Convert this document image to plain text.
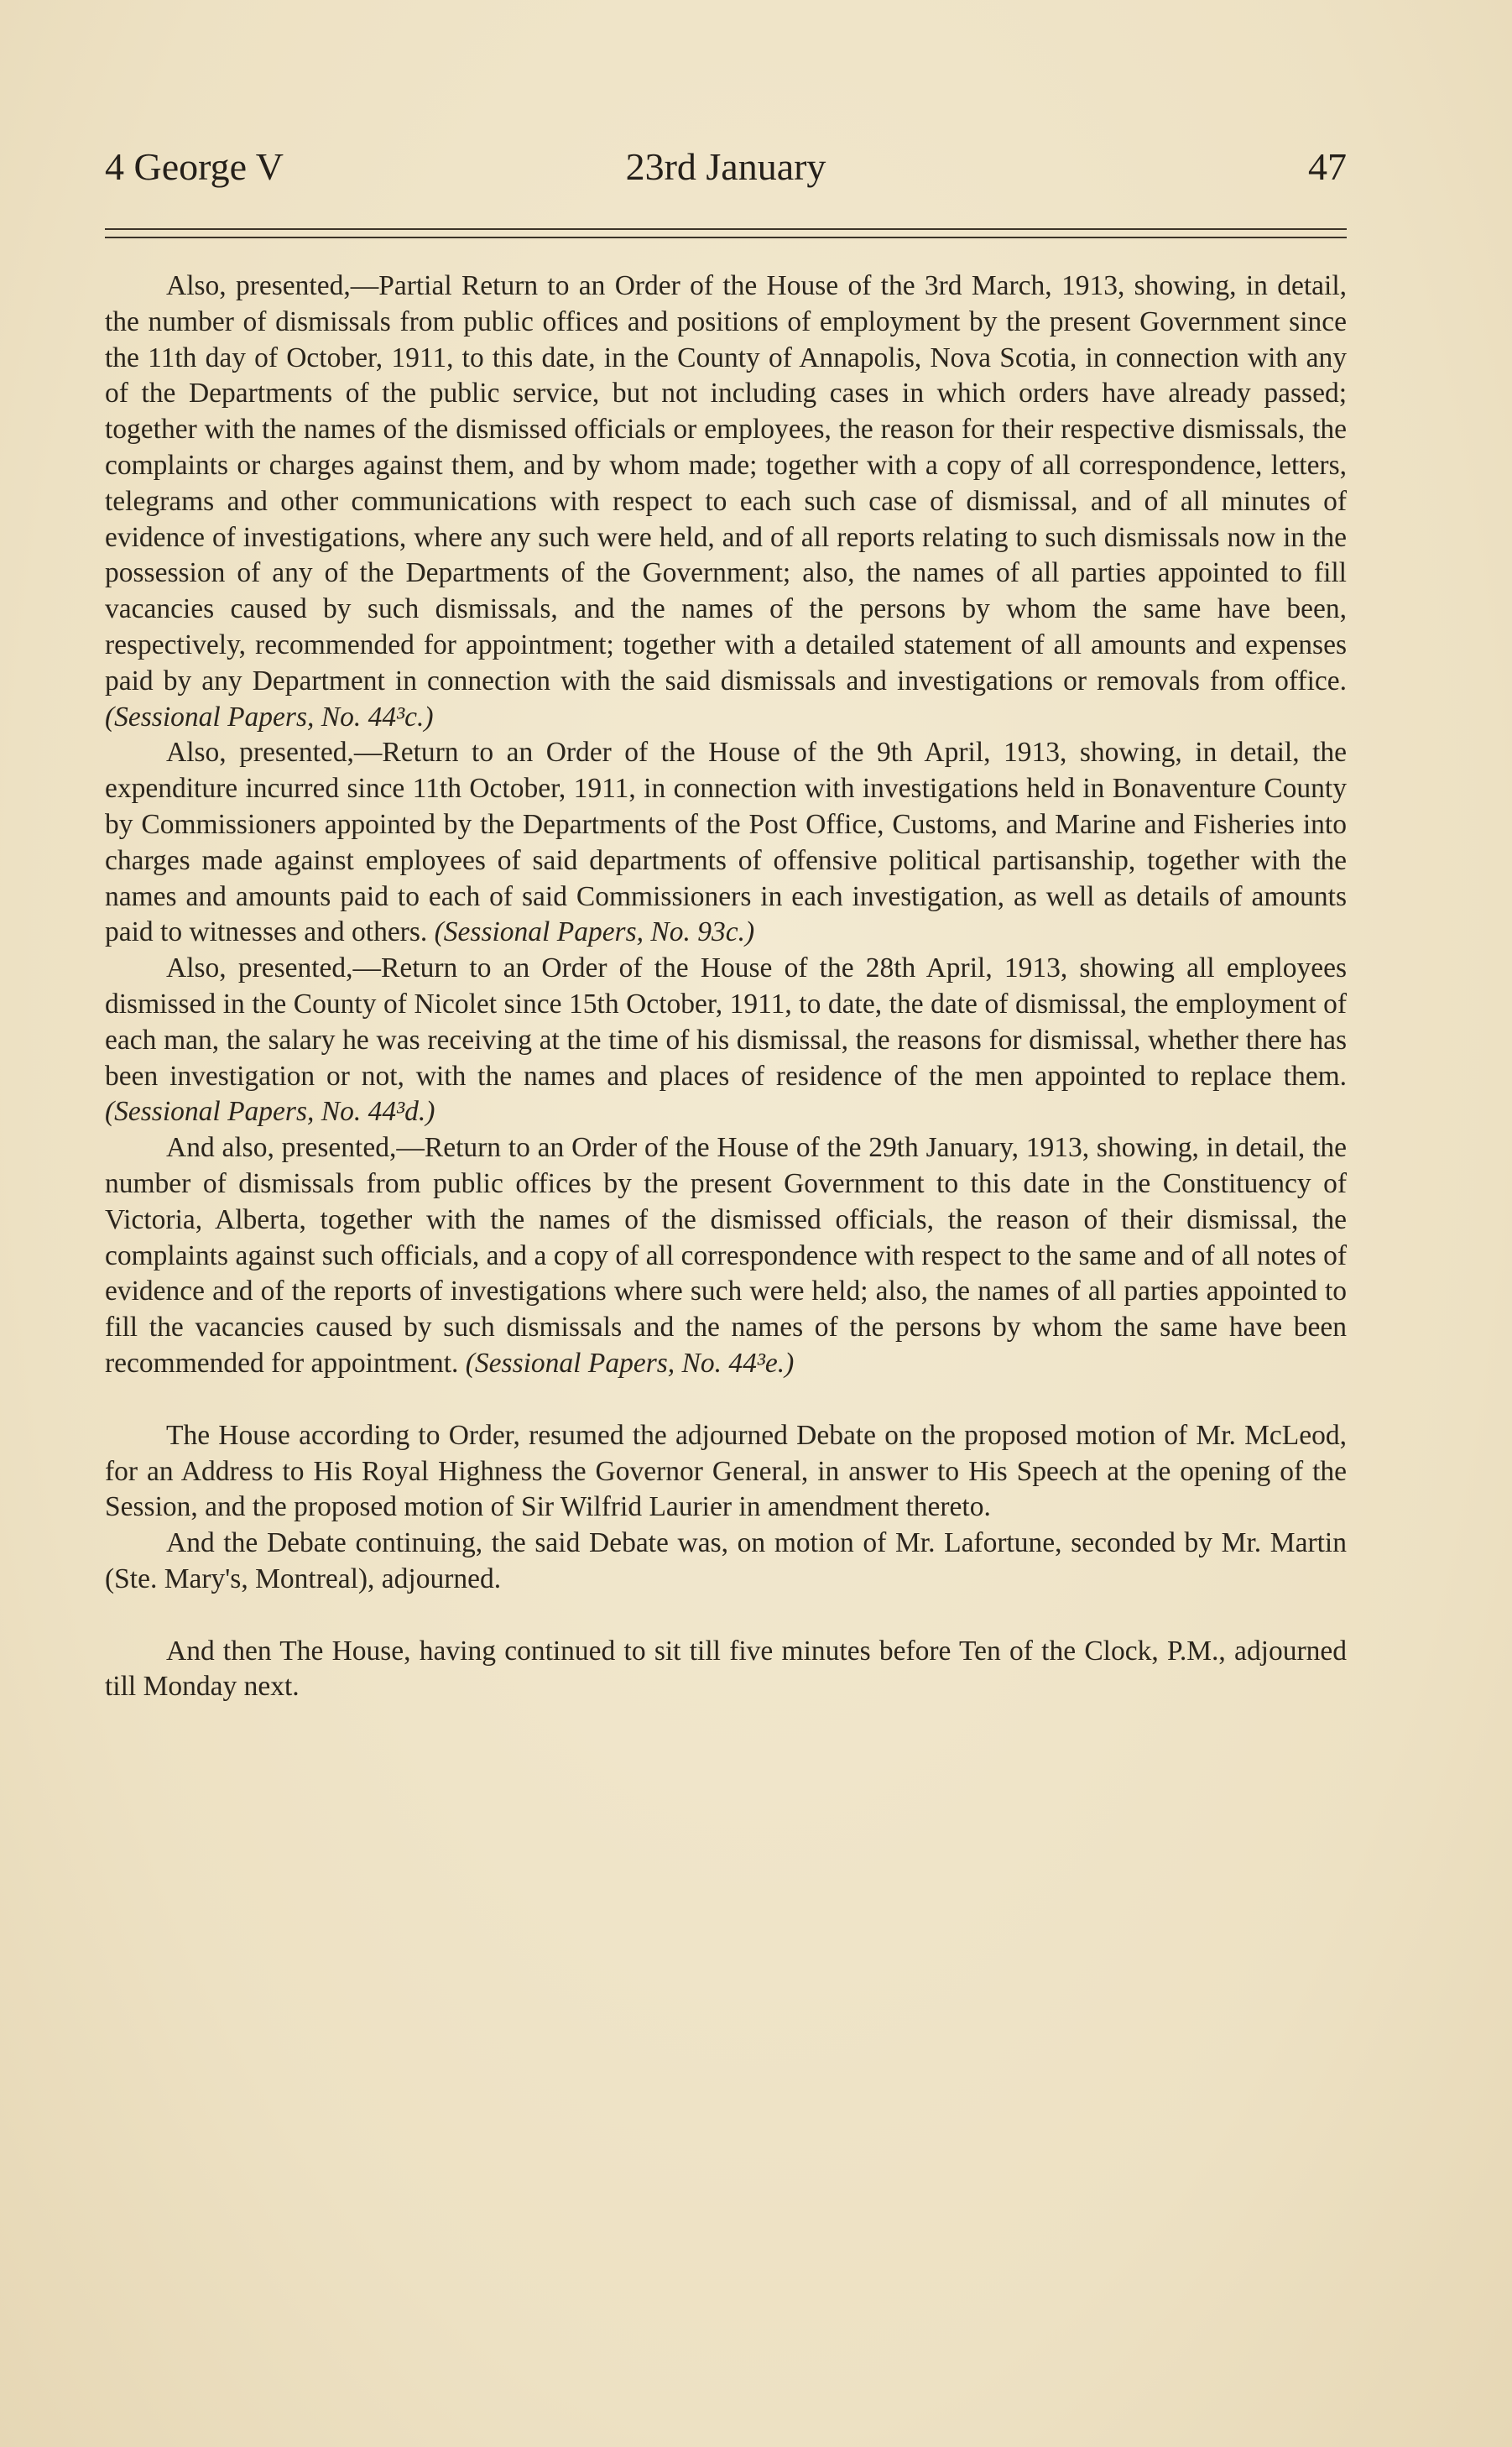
4 George V	23rd January	47

Also, presented,—Partial Return to an Order of the House of the 3rd March, 1913, showing, in detail, the number of dismissals from public offices and positions of employment by the present Government since the 11th day of October, 1911, to this date, in the County of Annapolis, Nova Scotia, in connection with any of the Departments of the public service, but not including cases in which orders have already passed; together with the names of the dismissed officials or employees, the reason for their respective dismissals, the complaints or charges against them, and by whom made; together with a copy of all correspondence, letters, telegrams and other communications with respect to each such case of dismissal, and of all minutes of evidence of investigations, where any such were held, and of all reports relating to such dismissals now in the possession of any of the Departments of the Government; also, the names of all parties appointed to fill vacancies caused by such dismissals, and the names of the persons by whom the same have been, respectively, recommended for appointment; together with a detailed statement of all amounts and expenses paid by any Department in connection with the said dismissals and investigations or removals from office. (Sessional Papers, No. 44³c.)

Also, presented,—Return to an Order of the House of the 9th April, 1913, showing, in detail, the expenditure incurred since 11th October, 1911, in connection with investigations held in Bonaventure County by Commissioners appointed by the Departments of the Post Office, Customs, and Marine and Fisheries into charges made against employees of said departments of offensive political partisanship, together with the names and amounts paid to each of said Commissioners in each investigation, as well as details of amounts paid to witnesses and others. (Sessional Papers, No. 93c.)

Also, presented,—Return to an Order of the House of the 28th April, 1913, showing all employees dismissed in the County of Nicolet since 15th October, 1911, to date, the date of dismissal, the employment of each man, the salary he was receiving at the time of his dismissal, the reasons for dismissal, whether there has been investigation or not, with the names and places of residence of the men appointed to replace them. (Sessional Papers, No. 44³d.)

And also, presented,—Return to an Order of the House of the 29th January, 1913, showing, in detail, the number of dismissals from public offices by the present Government to this date in the Constituency of Victoria, Alberta, together with the names of the dismissed officials, the reason of their dismissal, the complaints against such officials, and a copy of all correspondence with respect to the same and of all notes of evidence and of the reports of investigations where such were held; also, the names of all parties appointed to fill the vacancies caused by such dismissals and the names of the persons by whom the same have been recommended for appointment. (Sessional Papers, No. 44³e.)

The House according to Order, resumed the adjourned Debate on the proposed motion of Mr. McLeod, for an Address to His Royal Highness the Governor General, in answer to His Speech at the opening of the Session, and the proposed motion of Sir Wilfrid Laurier in amendment thereto.

And the Debate continuing, the said Debate was, on motion of Mr. Lafortune, seconded by Mr. Martin (Ste. Mary's, Montreal), adjourned.

And then The House, having continued to sit till five minutes before Ten of the Clock, P.M., adjourned till Monday next.
